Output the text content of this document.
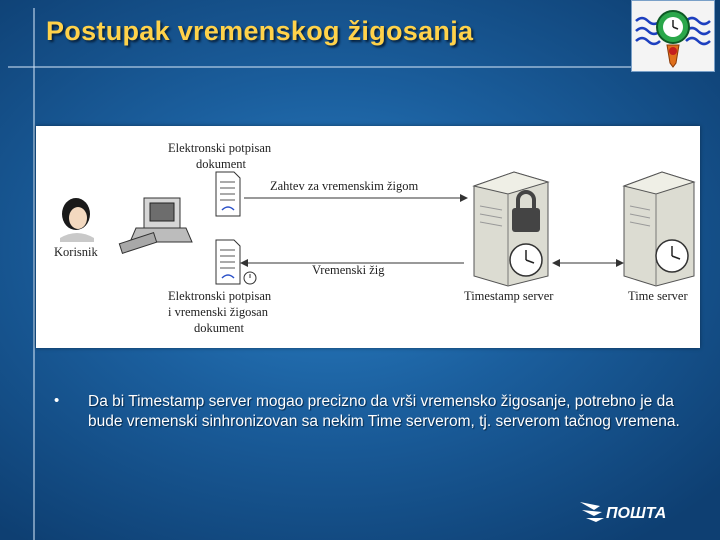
Postupak vremenskog žigosanja
Korisnik
Elektronski potpisan
dokument
Zahtev za vremenskim žigom
Vremenski žig
Elektronski potpisan
i vremenski žigosan
dokument
Timestamp server	Time server
• Da bi Timestamp server mogao precizno da vrši vremensko žigosanje, potrebno je da bude vremenski sinhronizovan sa nekim Time serverom, tj. serverom tačnog vremena.
ПОШТА
